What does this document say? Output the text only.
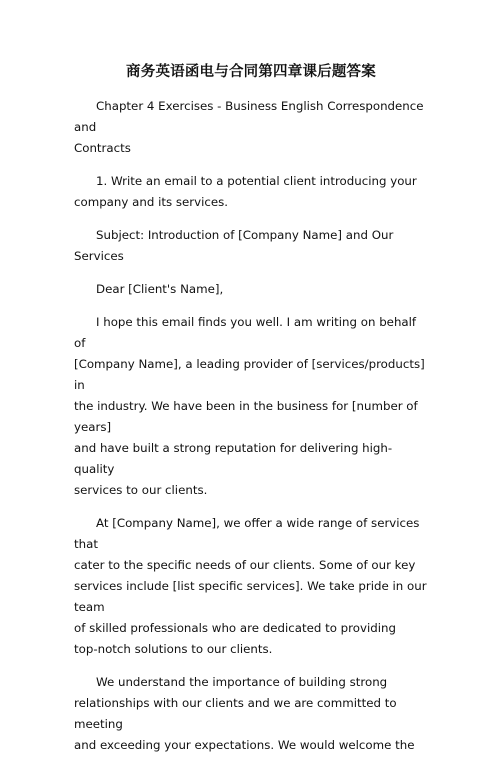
商务英语函电与合同第四章课后题答案

Chapter 4 Exercises - Business English Correspondence and
Contracts

1. Write an email to a potential client introducing your
company and its services.

Subject: Introduction of [Company Name] and Our Services

Dear [Client's Name],

I hope this email finds you well. I am writing on behalf of
[Company Name], a leading provider of [services/products] in
the industry. We have been in the business for [number of years]
and have built a strong reputation for delivering high-quality
services to our clients.

At [Company Name], we offer a wide range of services that
cater to the specific needs of our clients. Some of our key
services include [list specific services]. We take pride in our team
of skilled professionals who are dedicated to providing
top-notch solutions to our clients.

We understand the importance of building strong
relationships with our clients and we are committed to meeting
and exceeding your expectations. We would welcome the
